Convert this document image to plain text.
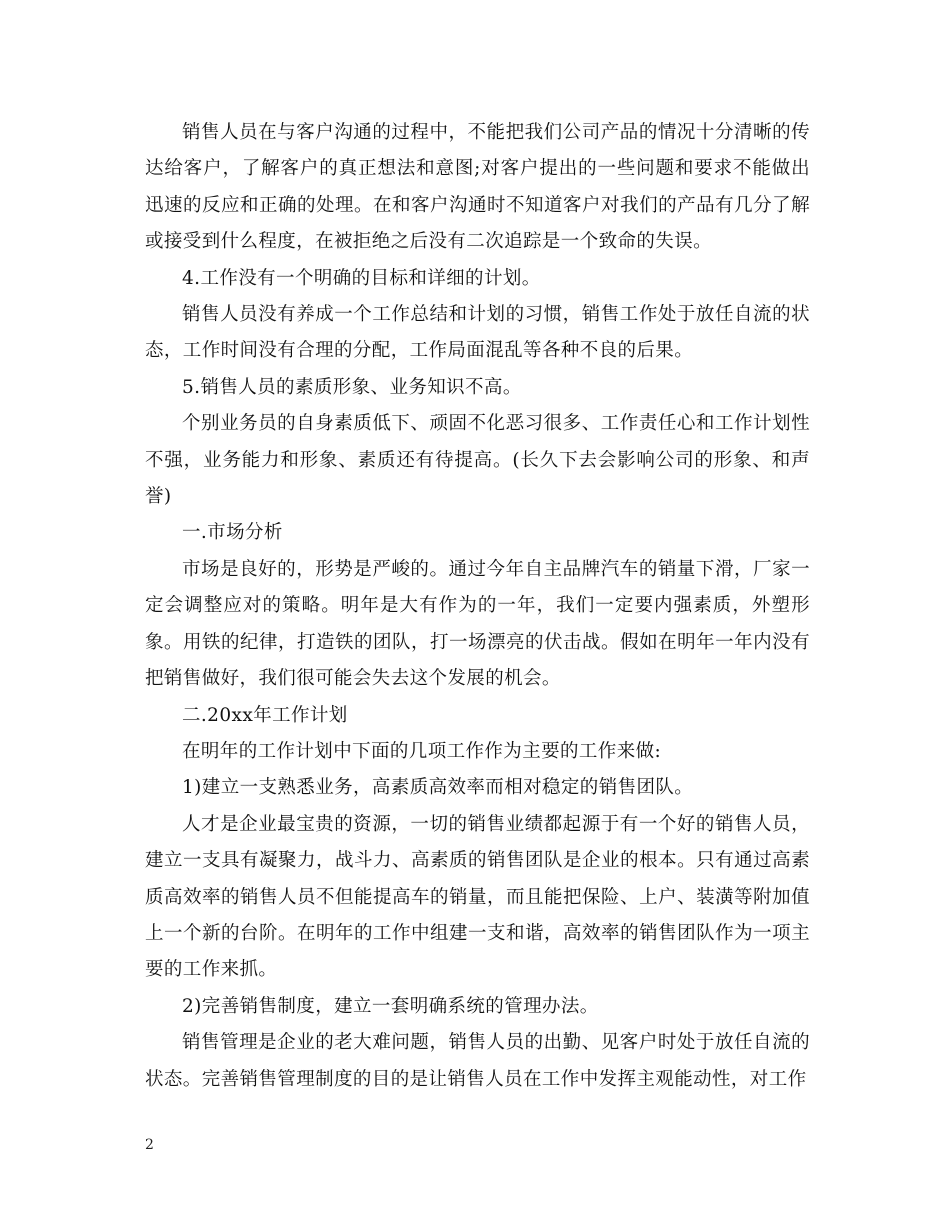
销售人员在与客户沟通的过程中，不能把我们公司产品的情况十分清晰的传达给客户，了解客户的真正想法和意图;对客户提出的一些问题和要求不能做出迅速的反应和正确的处理。在和客户沟通时不知道客户对我们的产品有几分了解或接受到什么程度，在被拒绝之后没有二次追踪是一个致命的失误。

4.工作没有一个明确的目标和详细的计划。

销售人员没有养成一个工作总结和计划的习惯，销售工作处于放任自流的状态，工作时间没有合理的分配，工作局面混乱等各种不良的后果。

5.销售人员的素质形象、业务知识不高。

个别业务员的自身素质低下、顽固不化恶习很多、工作责任心和工作计划性不强，业务能力和形象、素质还有待提高。(长久下去会影响公司的形象、和声誉)

一.市场分析

市场是良好的，形势是严峻的。通过今年自主品牌汽车的销量下滑，厂家一定会调整应对的策略。明年是大有作为的一年，我们一定要内强素质，外塑形象。用铁的纪律，打造铁的团队，打一场漂亮的伏击战。假如在明年一年内没有把销售做好，我们很可能会失去这个发展的机会。

二.20xx年工作计划

在明年的工作计划中下面的几项工作作为主要的工作来做:

1)建立一支熟悉业务，高素质高效率而相对稳定的销售团队。

人才是企业最宝贵的资源，一切的销售业绩都起源于有一个好的销售人员，建立一支具有凝聚力，战斗力、高素质的销售团队是企业的根本。只有通过高素质高效率的销售人员不但能提高车的销量，而且能把保险、上户、装潢等附加值上一个新的台阶。在明年的工作中组建一支和谐，高效率的销售团队作为一项主要的工作来抓。

2)完善销售制度，建立一套明确系统的管理办法。

销售管理是企业的老大难问题，销售人员的出勤、见客户时处于放任自流的状态。完善销售管理制度的目的是让销售人员在工作中发挥主观能动性，对工作

2
